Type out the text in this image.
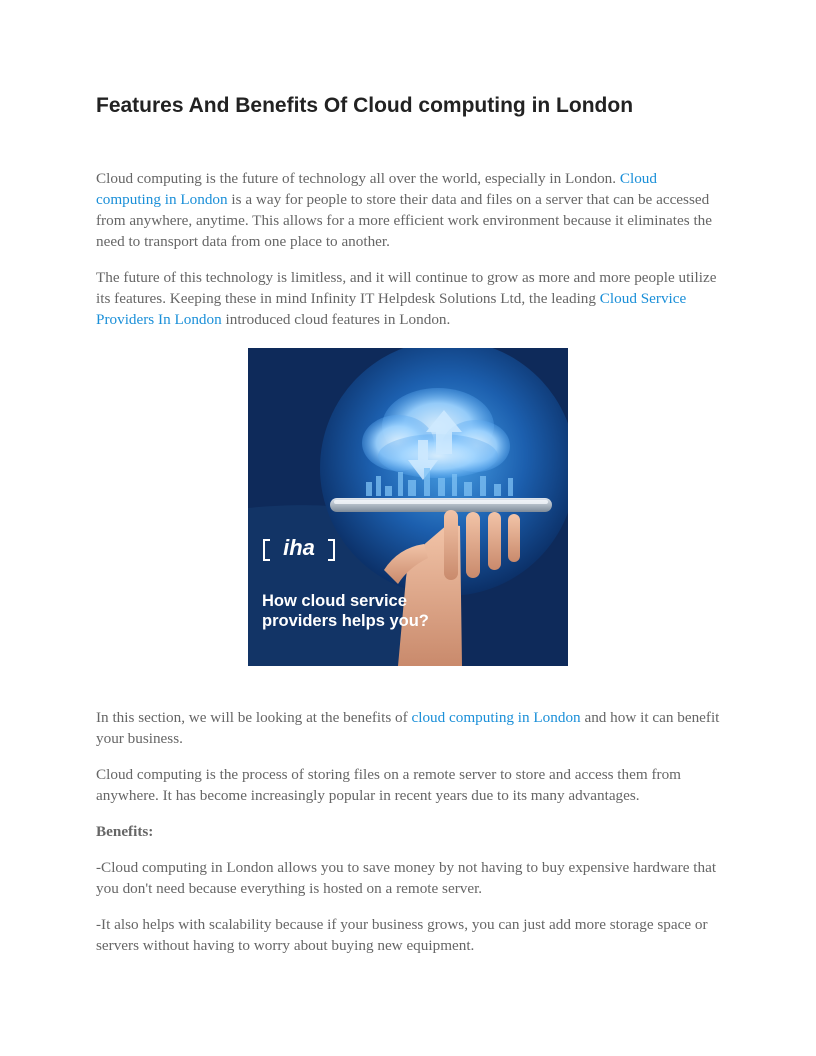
Features And Benefits Of Cloud computing in London

Cloud computing is the future of technology all over the world, especially in London. Cloud computing in London is a way for people to store their data and files on a server that can be accessed from anywhere, anytime. This allows for a more efficient work environment because it eliminates the need to transport data from one place to another.

The future of this technology is limitless, and it will continue to grow as more and more people utilize its features. Keeping these in mind Infinity IT Helpdesk Solutions Ltd, the leading Cloud Service Providers In London introduced cloud features in London.

iha
How cloud service
providers helps you?

In this section, we will be looking at the benefits of cloud computing in London and how it can benefit your business.

Cloud computing is the process of storing files on a remote server to store and access them from anywhere. It has become increasingly popular in recent years due to its many advantages.

Benefits:

-Cloud computing in London allows you to save money by not having to buy expensive hardware that you don't need because everything is hosted on a remote server.

-It also helps with scalability because if your business grows, you can just add more storage space or servers without having to worry about buying new equipment.
